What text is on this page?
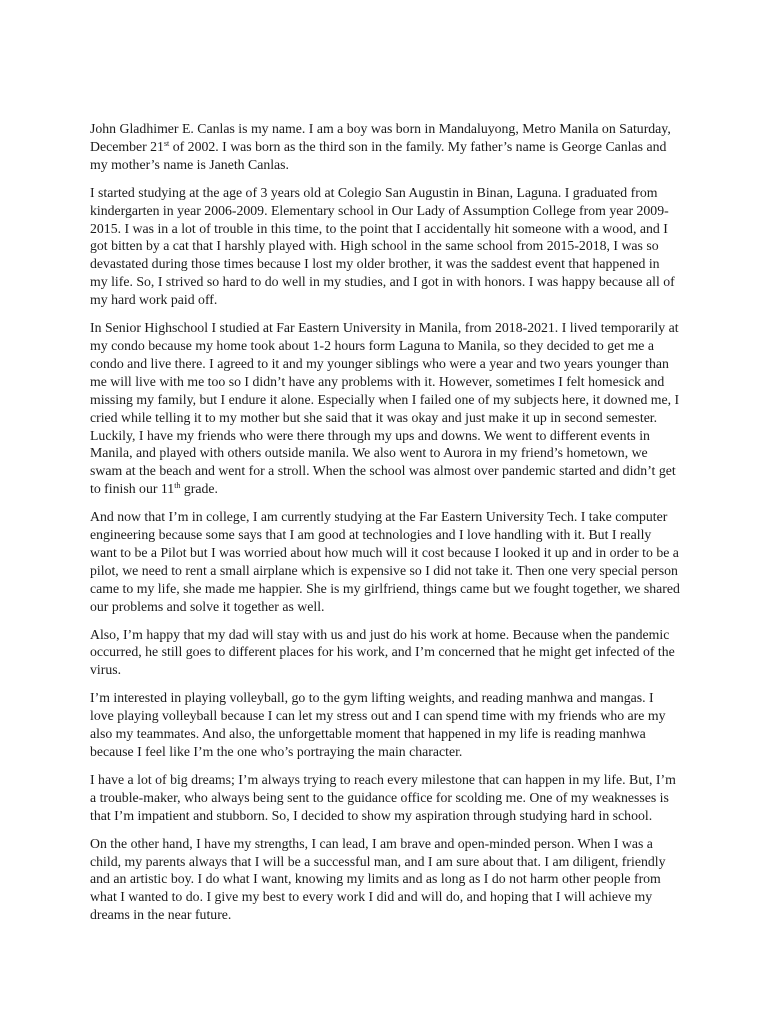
John Gladhimer E. Canlas is my name. I am a boy was born in Mandaluyong, Metro Manila on Saturday, December 21st of 2002. I was born as the third son in the family. My father’s name is George Canlas and my mother’s name is Janeth Canlas.

I started studying at the age of 3 years old at Colegio San Augustin in Binan, Laguna. I graduated from kindergarten in year 2006-2009. Elementary school in Our Lady of Assumption College from year 2009-2015. I was in a lot of trouble in this time, to the point that I accidentally hit someone with a wood, and I got bitten by a cat that I harshly played with. High school in the same school from 2015-2018, I was so devastated during those times because I lost my older brother, it was the saddest event that happened in my life. So, I strived so hard to do well in my studies, and I got in with honors. I was happy because all of my hard work paid off.

In Senior Highschool I studied at Far Eastern University in Manila, from 2018-2021. I lived temporarily at my condo because my home took about 1-2 hours form Laguna to Manila, so they decided to get me a condo and live there. I agreed to it and my younger siblings who were a year and two years younger than me will live with me too so I didn’t have any problems with it. However, sometimes I felt homesick and missing my family, but I endure it alone. Especially when I failed one of my subjects here, it downed me, I cried while telling it to my mother but she said that it was okay and just make it up in second semester. Luckily, I have my friends who were there through my ups and downs. We went to different events in Manila, and played with others outside manila. We also went to Aurora in my friend’s hometown, we swam at the beach and went for a stroll. When the school was almost over pandemic started and didn’t get to finish our 11th grade.

And now that I’m in college, I am currently studying at the Far Eastern University Tech. I take computer engineering because some says that I am good at technologies and I love handling with it. But I really want to be a Pilot but I was worried about how much will it cost because I looked it up and in order to be a pilot, we need to rent a small airplane which is expensive so I did not take it. Then one very special person came to my life, she made me happier. She is my girlfriend, things came but we fought together, we shared our problems and solve it together as well.

Also, I’m happy that my dad will stay with us and just do his work at home. Because when the pandemic occurred, he still goes to different places for his work, and I’m concerned that he might get infected of the virus.

I’m interested in playing volleyball, go to the gym lifting weights, and reading manhwa and mangas. I love playing volleyball because I can let my stress out and I can spend time with my friends who are my also my teammates. And also, the unforgettable moment that happened in my life is reading manhwa because I feel like I’m the one who’s portraying the main character.

I have a lot of big dreams; I’m always trying to reach every milestone that can happen in my life. But, I’m a trouble-maker, who always being sent to the guidance office for scolding me. One of my weaknesses is that I’m impatient and stubborn. So, I decided to show my aspiration through studying hard in school.

On the other hand, I have my strengths, I can lead, I am brave and open-minded person. When I was a child, my parents always that I will be a successful man, and I am sure about that. I am diligent, friendly and an artistic boy. I do what I want, knowing my limits and as long as I do not harm other people from what I wanted to do. I give my best to every work I did and will do, and hoping that I will achieve my dreams in the near future.
